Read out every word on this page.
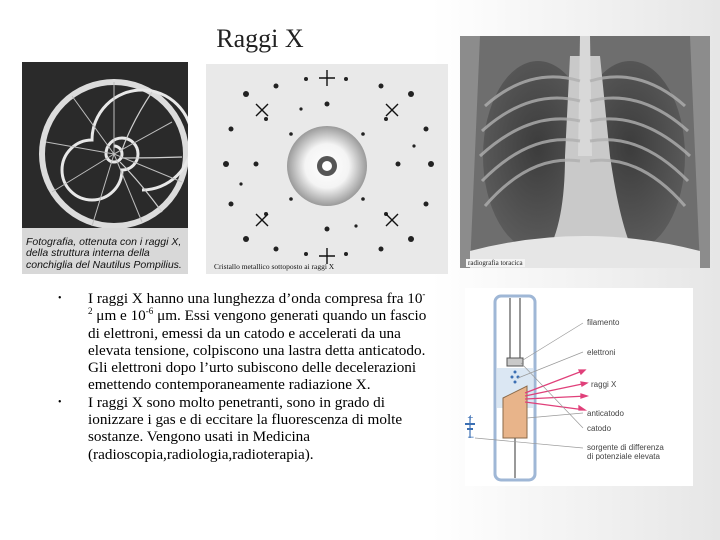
Raggi X
Fotografia, ottenuta con i raggi X, della struttura interna della conchiglia del Nautilus Pompilius.	Cristallo metallico sottoposto ai raggi X	radiografia toracica
• I raggi X hanno una lunghezza d’onda compresa fra $10^{-2}$ μm e $10^{-6}$ μm. Essi vengono generati quando un fascio di elettroni, emessi da un catodo e accelerati da una elevata tensione, colpiscono una lastra detta anticatodo. Gli elettroni dopo l’urto subiscono delle decelerazioni emettendo contemporaneamente radiazione X.
• I raggi X sono molto penetranti, sono in grado di ionizzare i gas e di eccitare la fluorescenza di molte sostanze. Vengono usati in Medicina (radioscopia,radiologia,radioterapia).
+
−
filamento
elettroni
raggi X
anticatodo
catodo
sorgente di differenza
di potenziale elevata
